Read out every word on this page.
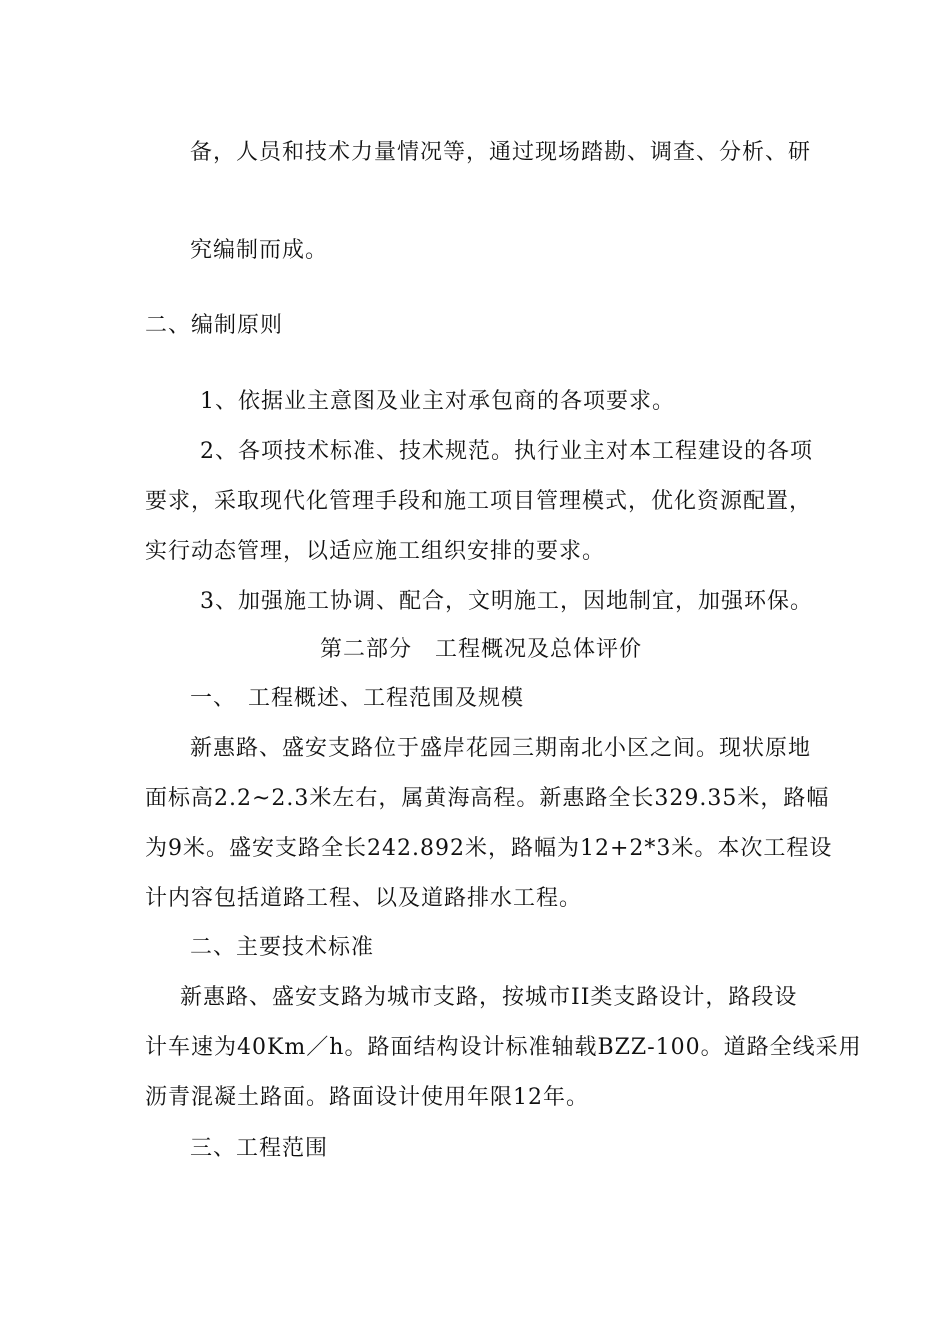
备，人员和技术力量情况等，通过现场踏勘、调查、分析、研

究编制而成。

二、编制原则

1、依据业主意图及业主对承包商的各项要求。

2、各项技术标准、技术规范。执行业主对本工程建设的各项

要求，采取现代化管理手段和施工项目管理模式，优化资源配置，

实行动态管理，以适应施工组织安排的要求。

3、加强施工协调、配合，文明施工，因地制宜，加强环保。

第二部分　工程概况及总体评价

一、　工程概述、工程范围及规模

新惠路、盛安支路位于盛岸花园三期南北小区之间。现状原地

面标高2.2~2.3米左右，属黄海高程。新惠路全长329.35米，路幅

为9米。盛安支路全长242.892米，路幅为12+2*3米。本次工程设

计内容包括道路工程、以及道路排水工程。

二、主要技术标准

新惠路、盛安支路为城市支路，按城市II类支路设计，路段设

计车速为40Km／h。路面结构设计标准轴载BZZ-100。道路全线采用

沥青混凝土路面。路面设计使用年限12年。

三、工程范围
